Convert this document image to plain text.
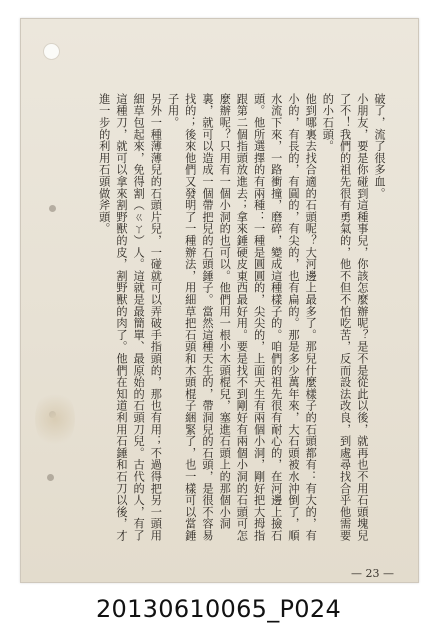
破了，流了很多血。

小朋友，要是你碰到這種事兒，你該怎麼辦呢？是不是從此以後，就再也不用石頭塊兒了不！我們的祖先很有勇氣的，他不但不怕吃苦，反而設法改良，到處尋找合乎他需要的小石頭。

他到哪裏去找合適的石頭呢？大河邊上最多了。那兒什麼樣子的石頭都有：有大的，有小的，有長的，有圓的，有尖的，也有扁的。那是多少萬年來，大石頭被水沖倒了，順水流下來，一路衝撞，磨碎，變成這種樣子的。咱們的祖先很有耐心的，在河邊上撿石頭。他所選擇的有兩種：一種是圓圓的，尖尖的，上面天生有兩個小洞，剛好把大拇指跟第二個指頭放進去；拿來錘硬皮東西最好用。要是找不到剛好有兩個小洞的石頭可怎麼辦呢？只用有一個小洞的也可以。他們用一根小木頭棍兒，塞進石頭上的那個小洞裏，就可以造成一個帶把兒的石頭錘子。當然這種天生的，帶洞兒的石頭，是很不容易找的；後來他們又發明了一種辦法，用細草把石頭和木頭棍子綑緊了，也一樣可以當錘子用。

另外一種薄薄兒的石頭片兒，一碰就可以弄破手指頭的，那也有用；不過得把另一頭用細草包起來，免得割（ㄍㄚ）人。這就是最簡單、最原始的石頭刀兒。古代的人，有了這種刀，就可以拿來割野獸的皮，割野獸的肉了。他們在知道利用石錘和石刀以後，才進一步的利用石頭做斧頭。

— 23 —
20130610065_P024
